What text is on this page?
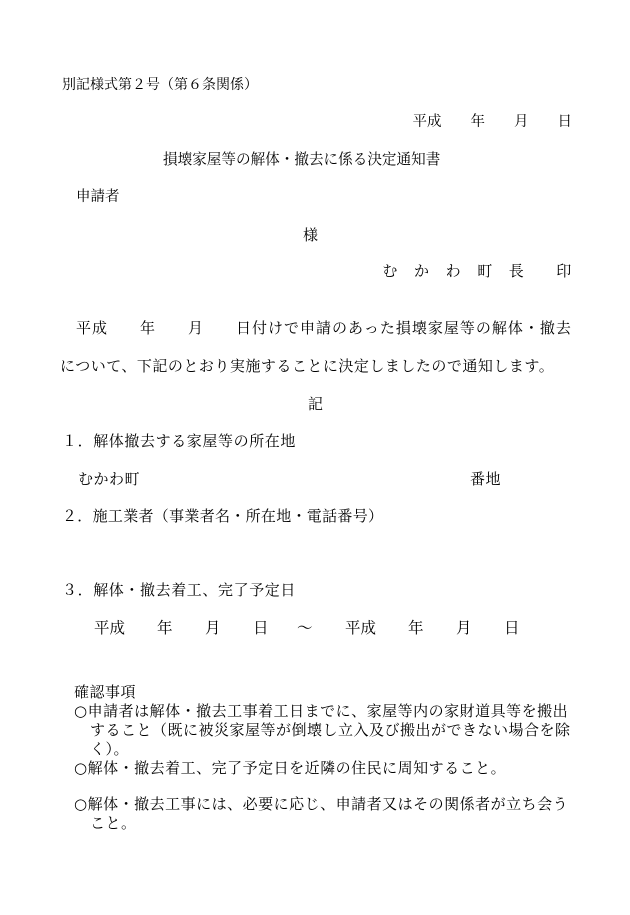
別記様式第２号（第６条関係）
平成　　年　　月　　日
損壊家屋等の解体・撤去に係る決定通知書
申請者
様
む　か　わ　町　長　　印
平成　　年　　月　　日付けで申請のあった損壊家屋等の解体・撤去
について、下記のとおり実施することに決定しましたので通知します。
記
１．解体撤去する家屋等の所在地
むかわ町	番地
２．施工業者（事業者名・所在地・電話番号）
３．解体・撤去着工、完了予定日
平成 年 月 日 ～ 平成 年 月 日
確認事項
○申請者は解体・撤去工事着工日までに、家屋等内の家財道具等を搬出
すること（既に被災家屋等が倒壊し立入及び搬出ができない場合を除
く）。
○解体・撤去着工、完了予定日を近隣の住民に周知すること。
○解体・撤去工事には、必要に応じ、申請者又はその関係者が立ち会う
こと。
